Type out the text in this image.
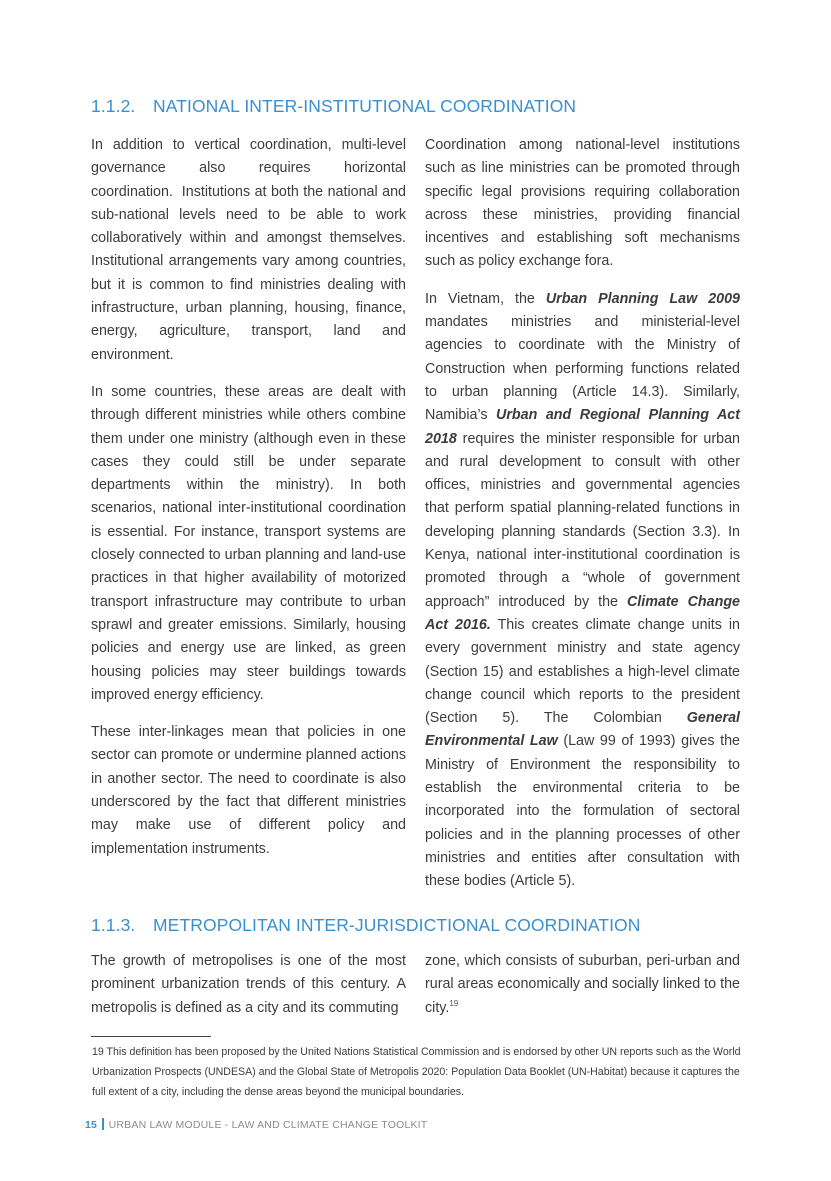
1.1.2. NATIONAL INTER-INSTITUTIONAL COORDINATION

In addition to vertical coordination, multi-level governance also requires horizontal coordination.  Institutions at both the national and sub-national levels need to be able to work collaboratively within and amongst themselves. Institutional arrangements vary among countries, but it is common to find ministries dealing with infrastructure, urban planning, housing, finance, energy, agriculture, transport, land and environment.

In some countries, these areas are dealt with through different ministries while others combine them under one ministry (although even in these cases they could still be under separate departments within the ministry). In both scenarios, national inter-institutional coordination is essential. For instance, transport systems are closely connected to urban planning and land-use practices in that higher availability of motorized transport infrastructure may contribute to urban sprawl and greater emissions. Similarly, housing policies and energy use are linked, as green housing policies may steer buildings towards improved energy efficiency.

These inter-linkages mean that policies in one sector can promote or undermine planned actions in another sector. The need to coordinate is also underscored by the fact that different ministries may make use of different policy and implementation instruments.

Coordination among national-level institutions such as line ministries can be promoted through specific legal provisions requiring collaboration across these ministries, providing financial incentives and establishing soft mechanisms such as policy exchange fora.

In Vietnam, the Urban Planning Law 2009 mandates ministries and ministerial-level agencies to coordinate with the Ministry of Construction when performing functions related to urban planning (Article 14.3). Similarly, Namibia’s Urban and Regional Planning Act 2018 requires the minister responsible for urban and rural development to consult with other offices, ministries and governmental agencies that perform spatial planning-related functions in developing planning standards (Section 3.3). In Kenya, national inter-institutional coordination is promoted through a “whole of government approach” introduced by the Climate Change Act 2016. This creates climate change units in every government ministry and state agency (Section 15) and establishes a high-level climate change council which reports to the president (Section 5). The Colombian General Environmental Law (Law 99 of 1993) gives the Ministry of Environment the responsibility to establish the environmental criteria to be incorporated into the formulation of sectoral policies and in the planning processes of other ministries and entities after consultation with these bodies (Article 5).

1.1.3. METROPOLITAN INTER-JURISDICTIONAL COORDINATION

The growth of metropolises is one of the most prominent urbanization trends of this century. A metropolis is defined as a city and its commuting

zone, which consists of suburban, peri-urban and rural areas economically and socially linked to the city.$^{19}$

19 This definition has been proposed by the United Nations Statistical Commission and is endorsed by other UN reports such as the World Urbanization Prospects (UNDESA) and the Global State of Metropolis 2020: Population Data Booklet (UN-Habitat) because it captures the full extent of a city, including the dense areas beyond the municipal boundaries.

15 URBAN LAW MODULE - LAW AND CLIMATE CHANGE TOOLKIT
